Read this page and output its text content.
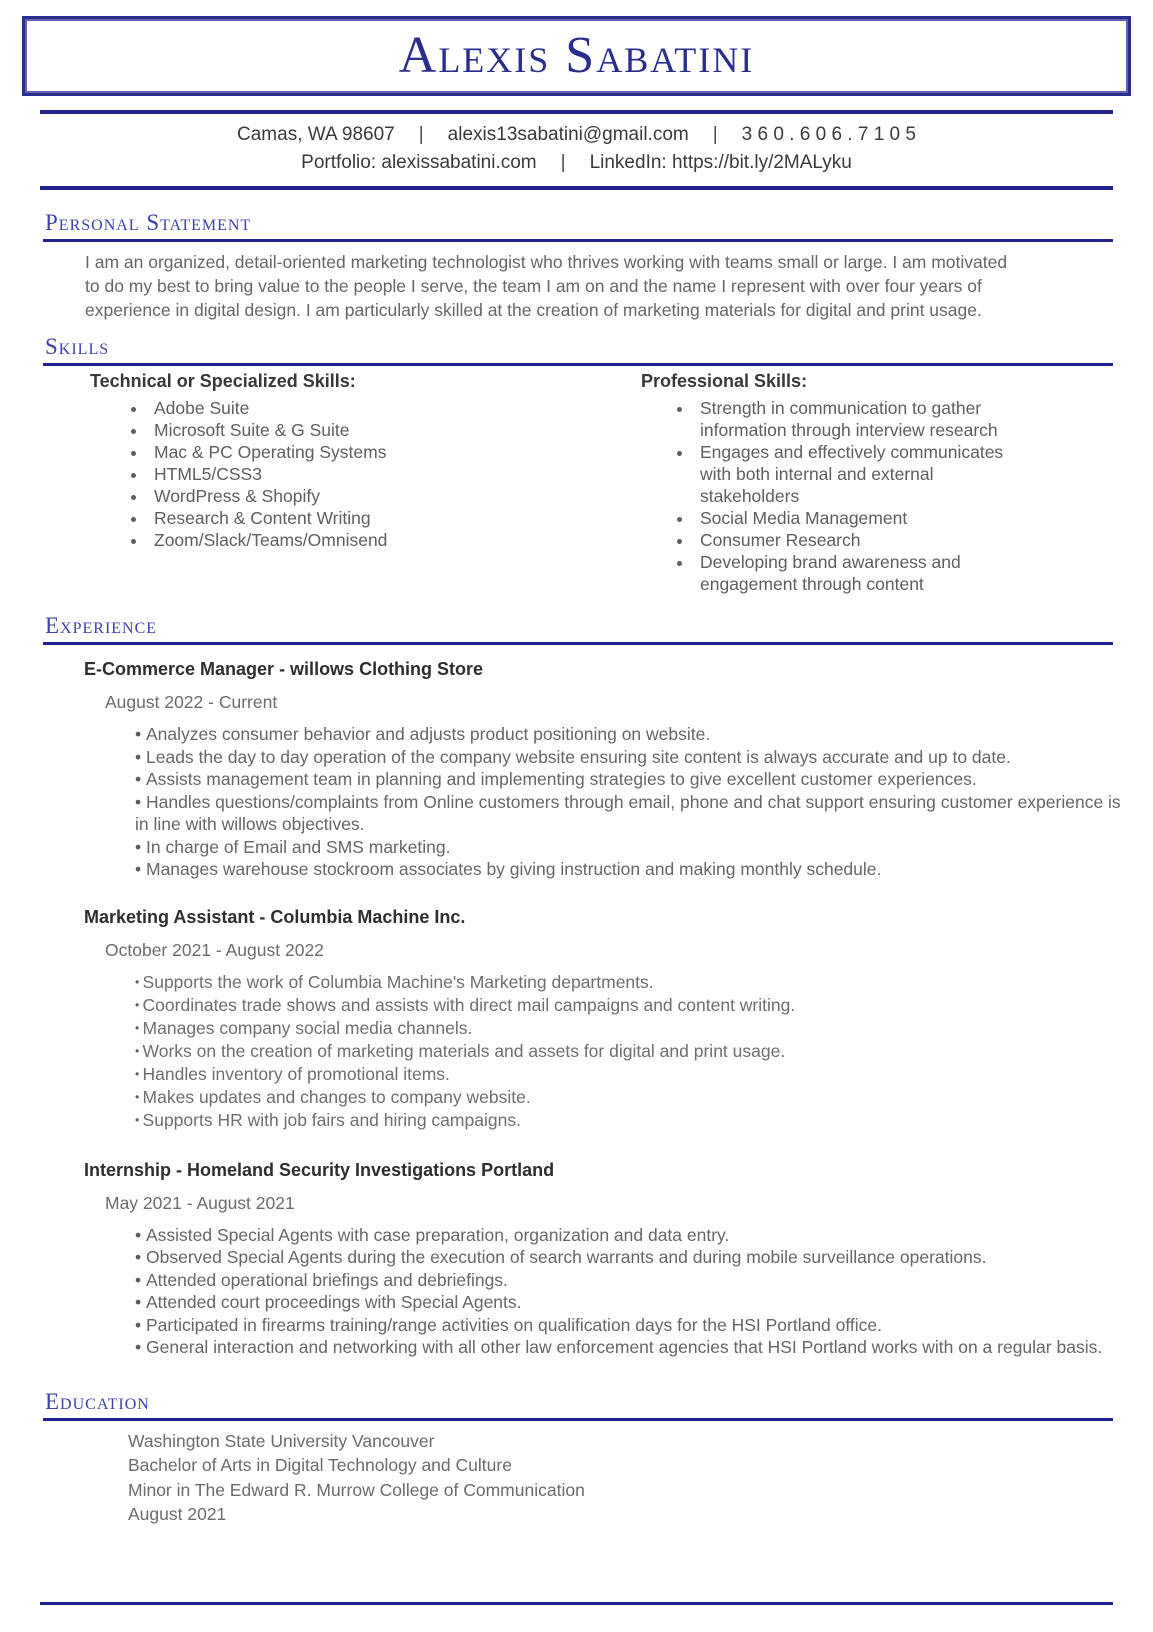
Alexis Sabatini
Camas, WA 98607 | alexis13sabatini@gmail.com | 3 6 0 . 6 0 6 . 7 1 0 5
Portfolio: alexissabatini.com | LinkedIn: https://bit.ly/2MALyku
Personal Statement

I am an organized, detail-oriented marketing technologist who thrives working with teams small or large. I am motivated to do my best to bring value to the people I serve, the team I am on and the name I represent with over four years of experience in digital design. I am particularly skilled at the creation of marketing materials for digital and print usage.

Skills
Technical or Specialized Skills:
• Adobe Suite
• Microsoft Suite & G Suite
• Mac & PC Operating Systems
• HTML5/CSS3
• WordPress & Shopify
• Research & Content Writing
• Zoom/Slack/Teams/Omnisend
Professional Skills:
• Strength in communication to gather information through interview research
• Engages and effectively communicates with both internal and external stakeholders
• Social Media Management
• Consumer Research
• Developing brand awareness and engagement through content
Experience
E-Commerce Manager - willows Clothing Store
August 2022 - Current
• Analyzes consumer behavior and adjusts product positioning on website.
• Leads the day to day operation of the company website ensuring site content is always accurate and up to date.
• Assists management team in planning and implementing strategies to give excellent customer experiences.
• Handles questions/complaints from Online customers through email, phone and chat support ensuring customer experience is in line with willows objectives.
• In charge of Email and SMS marketing.
• Manages warehouse stockroom associates by giving instruction and making monthly schedule.
Marketing Assistant - Columbia Machine Inc.
October 2021 - August 2022
• Supports the work of Columbia Machine's Marketing departments.
• Coordinates trade shows and assists with direct mail campaigns and content writing.
• Manages company social media channels.
• Works on the creation of marketing materials and assets for digital and print usage.
• Handles inventory of promotional items.
• Makes updates and changes to company website.
• Supports HR with job fairs and hiring campaigns.
Internship - Homeland Security Investigations Portland
May 2021 - August 2021
• Assisted Special Agents with case preparation, organization and data entry.
• Observed Special Agents during the execution of search warrants and during mobile surveillance operations.
• Attended operational briefings and debriefings.
• Attended court proceedings with Special Agents.
• Participated in firearms training/range activities on qualification days for the HSI Portland office.
• General interaction and networking with all other law enforcement agencies that HSI Portland works with on a regular basis.
Education
Washington State University Vancouver
Bachelor of Arts in Digital Technology and Culture
Minor in The Edward R. Murrow College of Communication
August 2021
